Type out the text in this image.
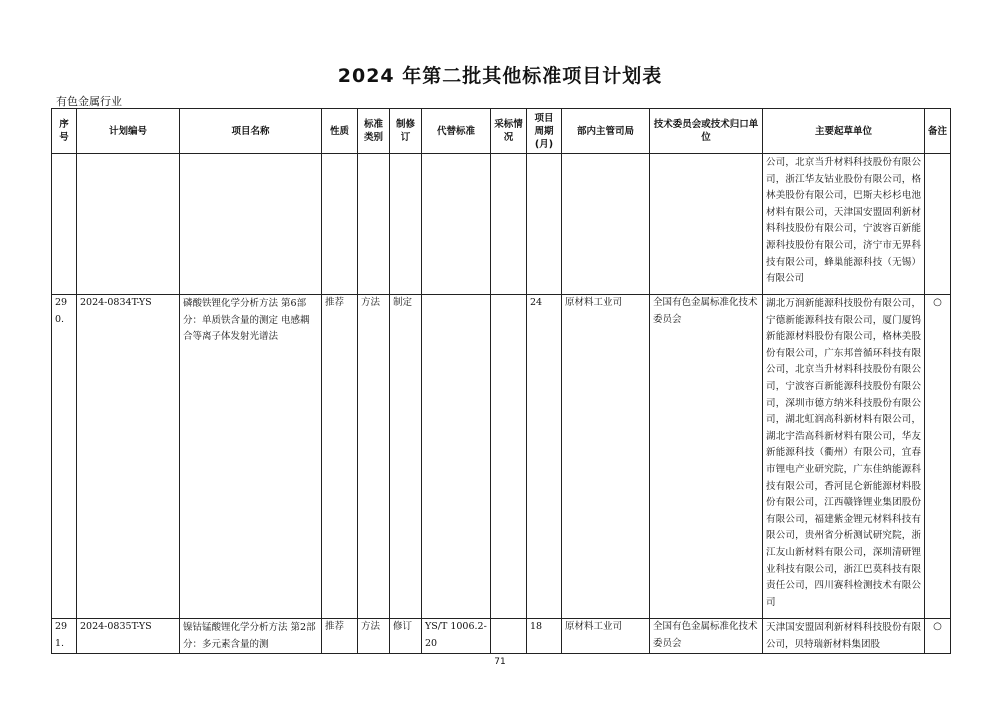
2024 年第二批其他标准项目计划表
有色金属行业
序号	计划编号	项目名称	性质	标准类别	制修订	代替标准	采标情况	项目周期(月)	部内主管司局	技术委员会或技术归口单位	主要起草单位	备注
											公司，北京当升材料科技股份有限公司，浙江华友钴业股份有限公司，格林美股份有限公司，巴斯夫杉杉电池材料有限公司，天津国安盟固利新材料科技股份有限公司，宁波容百新能源科技股份有限公司，济宁市无界科技有限公司，蜂巢能源科技（无锡）有限公司	
290.	2024-0834T-YS	磷酸铁锂化学分析方法 第6部分：单质铁含量的测定 电感耦合等离子体发射光谱法	推荐	方法	制定			24	原材料工业司	全国有色金属标准化技术委员会	湖北万润新能源科技股份有限公司，宁德新能源科技有限公司，厦门厦钨新能源材料股份有限公司，格林美股份有限公司，广东邦普循环科技有限公司，北京当升材料科技股份有限公司，宁波容百新能源科技股份有限公司，深圳市德方纳米科技股份有限公司，湖北虹润高科新材料有限公司，湖北宇浩高科新材料有限公司，华友新能源科技（衢州）有限公司，宜春市锂电产业研究院，广东佳纳能源科技有限公司，香河昆仑新能源材料股份有限公司，江西赣锋锂业集团股份有限公司，福建紫金锂元材料科技有限公司，贵州省分析测试研究院，浙江友山新材料有限公司，深圳清研锂业科技有限公司，浙江巴莫科技有限责任公司，四川赛科检测技术有限公司	○
291.	2024-0835T-YS	镍钴锰酸锂化学分析方法 第2部分：多元素含量的测	推荐	方法	修订	YS/T 1006.2-20		18	原材料工业司	全国有色金属标准化技术委员会	天津国安盟固利新材料科技股份有限公司，贝特瑞新材料集团股	○
71
